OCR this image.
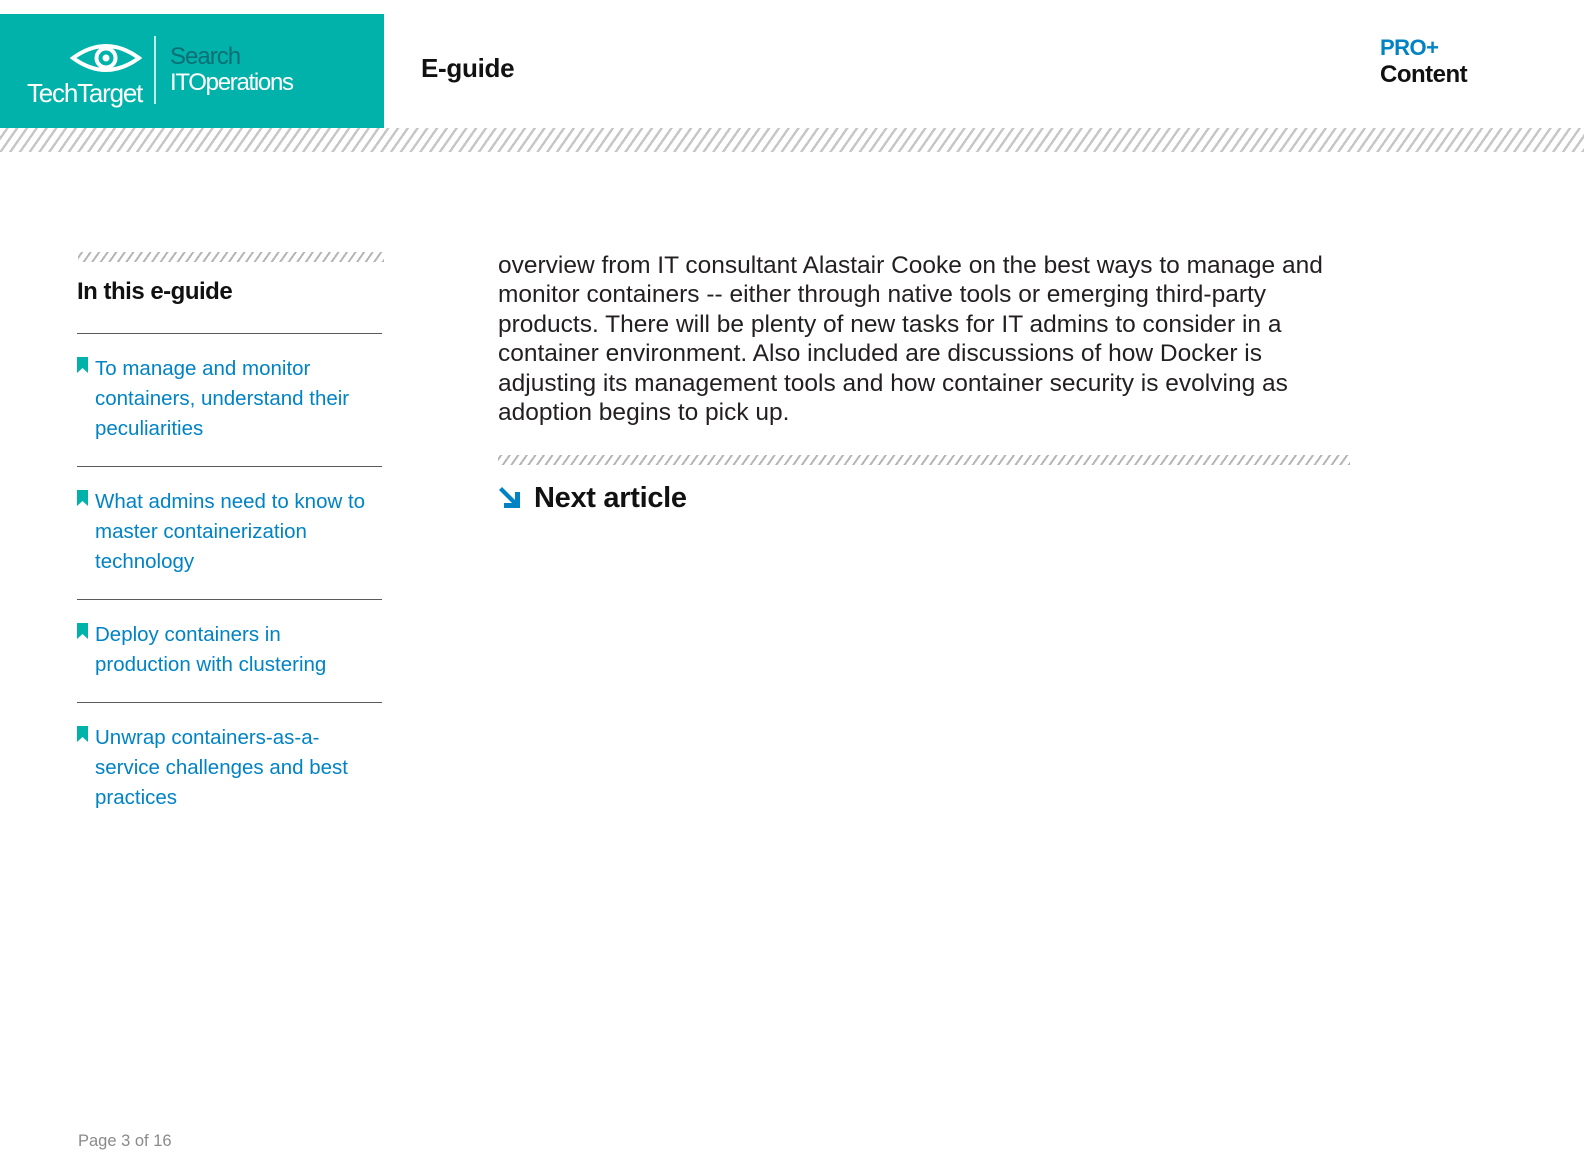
TechTarget
Search
ITOperations	E-guide
PRO+
Content
In this e-guide
To manage and monitor containers, understand their peculiarities
What admins need to know to master containerization technology
Deploy containers in production with clustering
Unwrap containers-as-a-service challenges and best practices

overview from IT consultant Alastair Cooke on the best ways to manage and monitor containers -- either through native tools or emerging third-party products. There will be plenty of new tasks for IT admins to consider in a container environment. Also included are discussions of how Docker is adjusting its management tools and how container security is evolving as adoption begins to pick up.

Next article
Page 3 of 16
